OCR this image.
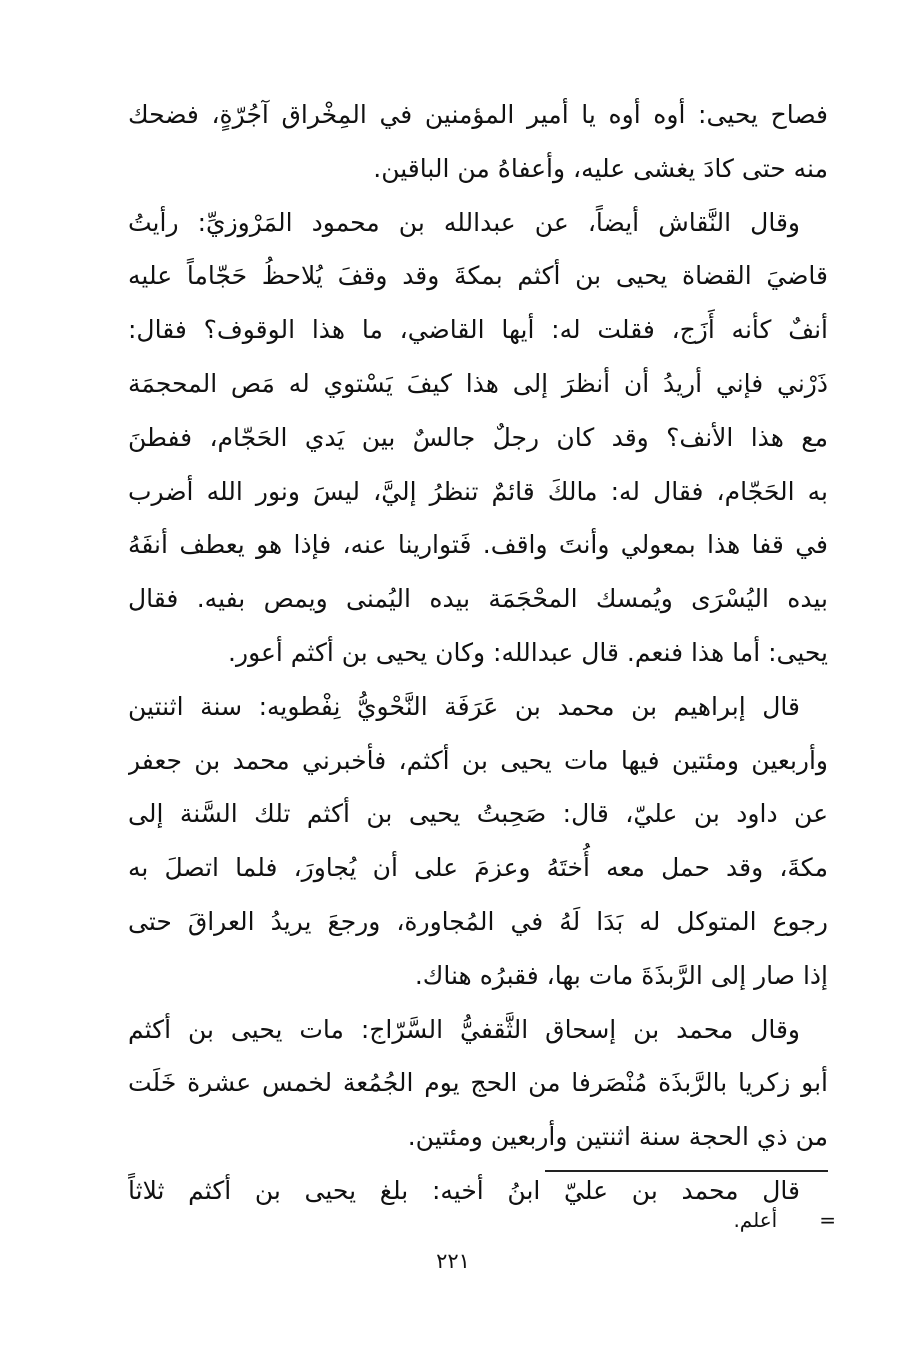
فصاح يحيى: أوه أوه يا أمير المؤمنين في المِخْراق آجُرّةٍ، فضحك
منه حتى كادَ يغشى عليه، وأعفاهُ من الباقين.
وقال النَّقاش أيضاً، عن عبدالله بن محمود المَرْوزيِّ: رأيتُ
قاضيَ القضاة يحيى بن أكثم بمكةَ وقد وقفَ يُلاحظُ حَجّاماً عليه
أنفٌ كأنه أَزَج، فقلت له: أيها القاضي، ما هذا الوقوف؟ فقال:
ذَرْني فإني أريدُ أن أنظرَ إلى هذا كيفَ يَسْتوي له مَص المحجمَة
مع هذا الأنف؟ وقد كان رجلٌ جالسٌ بين يَدي الحَجّام، ففطنَ
به الحَجّام، فقال له: مالكَ قائمٌ تنظرُ إليَّ، ليسَ ونور الله أضرب
في قفا هذا بمعولي وأنتَ واقف. فَتوارينا عنه، فإذا هو يعطف أنفَهُ
بيده اليُسْرَى ويُمسك المحْجَمَة بيده اليُمنى ويمص بفيه. فقال
يحيى: أما هذا فنعم. قال عبدالله: وكان يحيى بن أكثم أعور.
قال إبراهيم بن محمد بن عَرَفَة النَّحْويُّ نِفْطويه: سنة اثنتين
وأربعين ومئتين فيها مات يحيى بن أكثم، فأخبرني محمد بن جعفر
عن داود بن عليّ، قال: صَحِبتُ يحيى بن أكثم تلك السَّنة إلى
مكةَ، وقد حمل معه أُختَهُ وعزمَ على أن يُجاورَ، فلما اتصلَ به
رجوع المتوكل له بَدَا لَهُ في المُجاورة، ورجعَ يريدُ العراقَ حتى
إذا صار إلى الرَّبذَةَ مات بها، فقبرُه هناك.
وقال محمد بن إسحاق الثَّقفيُّ السَّرّاج: مات يحيى بن أكثم
أبو زكريا بالرَّبذَة مُنْصَرفا من الحج يوم الجُمُعة لخمس عشرة خَلَت
من ذي الحجة سنة اثنتين وأربعين ومئتين.
قال محمد بن عليّ ابنُ أخيه: بلغ يحيى بن أكثم ثلاثاً
=أعلم.
٢٢١
